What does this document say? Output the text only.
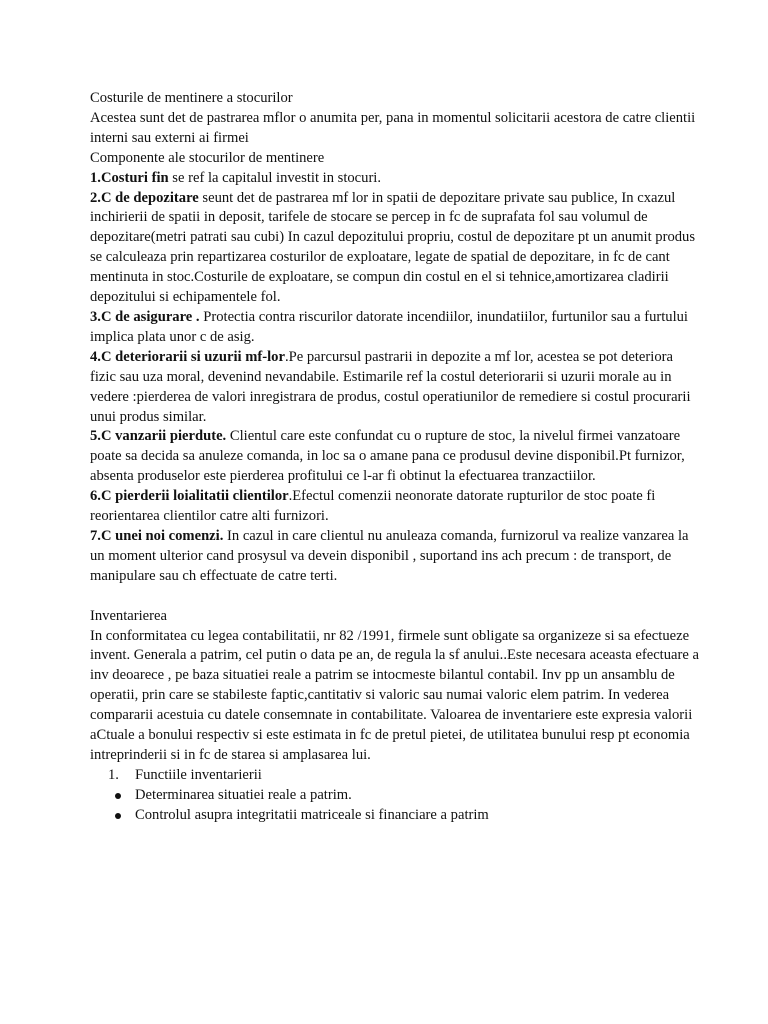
Costurile de mentinere a stocurilor

Acestea sunt det de pastrarea mflor o anumita per, pana in momentul solicitarii acestora de catre clientii interni sau externi ai firmei

Componente ale stocurilor de mentinere

1.Costuri fin se ref la capitalul investit in stocuri.

2.C de depozitare seunt det de pastrarea mf lor in spatii de depozitare private sau publice, In cxazul inchirierii de spatii in deposit, tarifele de stocare se percep in fc de suprafata fol sau volumul de depozitare(metri patrati sau cubi) In cazul depozitului propriu, costul de depozitare pt un anumit produs se calculeaza prin repartizarea costurilor de exploatare, legate de spatial de depozitare, in fc de cant mentinuta in stoc.Costurile de exploatare, se compun din costul en el si tehnice,amortizarea cladirii depozitului si echipamentele fol.

3.C de asigurare . Protectia contra riscurilor datorate incendiilor, inundatiilor, furtunilor sau a furtului implica plata unor c de asig.

4.C deteriorarii si uzurii mf-lor.Pe parcursul pastrarii in depozite a mf lor, acestea se pot deteriora fizic sau uza moral, devenind nevandabile. Estimarile ref la costul deteriorarii si uzurii morale au in vedere :pierderea de valori inregistrara de produs, costul operatiunilor de remediere si costul procurarii unui produs similar.

5.C vanzarii pierdute. Clientul care este confundat cu o rupture de stoc, la nivelul firmei vanzatoare poate sa decida sa anuleze comanda, in loc sa o amane pana ce produsul devine disponibil.Pt furnizor, absenta produselor este pierderea profitului ce l-ar fi obtinut la efectuarea tranzactiilor.

6.C pierderii loialitatii clientilor.Efectul comenzii neonorate datorate rupturilor de stoc poate fi reorientarea clientilor catre alti furnizori.

7.C unei noi comenzi. In cazul in care clientul nu anuleaza comanda, furnizorul va realize vanzarea la un moment ulterior cand prosysul va devein disponibil , suportand ins ach precum : de transport, de manipulare sau ch effectuate de catre terti.

Inventarierea

In conformitatea cu legea contabilitatii, nr 82 /1991, firmele sunt obligate sa organizeze si sa efectueze invent. Generala a patrim, cel putin o data pe an, de regula la sf anului..Este necesara aceasta efectuare a inv deoarece , pe baza situatiei reale a patrim se intocmeste bilantul contabil. Inv pp un ansamblu de operatii, prin care se stabileste faptic,cantitativ si valoric sau numai valoric elem patrim. In vederea compararii acestuia cu datele consemnate in contabilitate. Valoarea de inventariere este expresia valorii aCtuale a bonului respectiv si este estimata in fc de pretul pietei, de utilitatea bunului resp pt economia intreprinderii si in fc de starea si amplasarea lui.

1. Functiile inventarierii
Determinarea situatiei reale a patrim.
Controlul asupra integritatii matriceale si financiare a patrim
